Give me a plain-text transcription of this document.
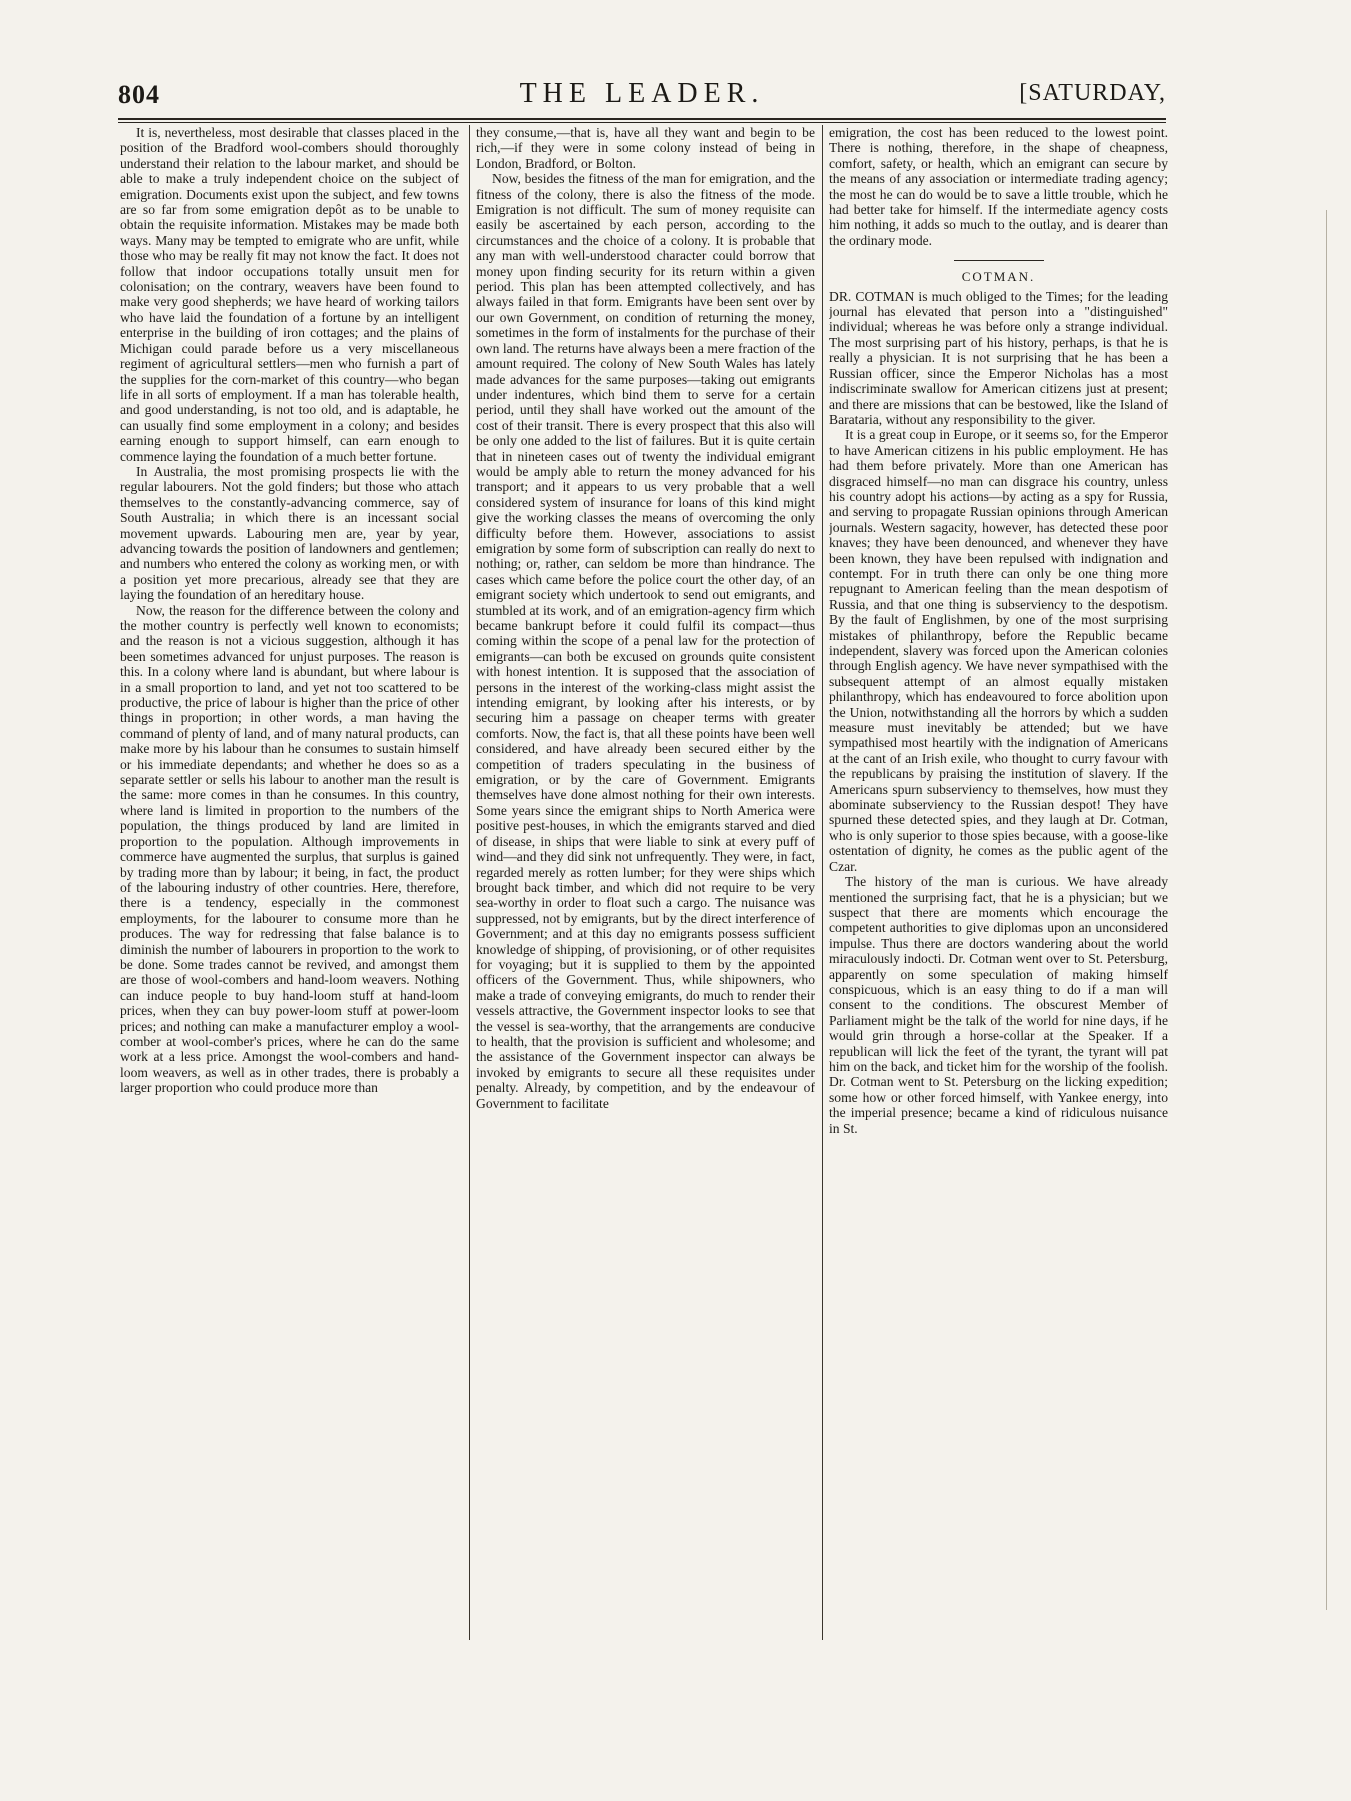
804	THE LEADER.	[SATURDAY,

It is, nevertheless, most desirable that classes placed in the position of the Bradford wool-combers should thoroughly understand their relation to the labour market, and should be able to make a truly independent choice on the subject of emigration. Documents exist upon the subject, and few towns are so far from some emigration depôt as to be unable to obtain the requisite information. Mistakes may be made both ways. Many may be tempted to emigrate who are unfit, while those who may be really fit may not know the fact. It does not follow that indoor occupations totally unsuit men for colonisation; on the contrary, weavers have been found to make very good shepherds; we have heard of working tailors who have laid the foundation of a fortune by an intelligent enterprise in the building of iron cottages; and the plains of Michigan could parade before us a very miscellaneous regiment of agricultural settlers—men who furnish a part of the supplies for the corn-market of this country—who began life in all sorts of employment. If a man has tolerable health, and good understanding, is not too old, and is adaptable, he can usually find some employment in a colony; and besides earning enough to support himself, can earn enough to commence laying the foundation of a much better fortune.

In Australia, the most promising prospects lie with the regular labourers. Not the gold finders; but those who attach themselves to the constantly-advancing commerce, say of South Australia; in which there is an incessant social movement upwards. Labouring men are, year by year, advancing towards the position of landowners and gentlemen; and numbers who entered the colony as working men, or with a position yet more precarious, already see that they are laying the foundation of an hereditary house.

Now, the reason for the difference between the colony and the mother country is perfectly well known to economists; and the reason is not a vicious suggestion, although it has been sometimes advanced for unjust purposes. The reason is this. In a colony where land is abundant, but where labour is in a small proportion to land, and yet not too scattered to be productive, the price of labour is higher than the price of other things in proportion; in other words, a man having the command of plenty of land, and of many natural products, can make more by his labour than he consumes to sustain himself or his immediate dependants; and whether he does so as a separate settler or sells his labour to another man the result is the same: more comes in than he consumes. In this country, where land is limited in proportion to the numbers of the population, the things produced by land are limited in proportion to the population. Although improvements in commerce have augmented the surplus, that surplus is gained by trading more than by labour; it being, in fact, the product of the labouring industry of other countries. Here, therefore, there is a tendency, especially in the commonest employments, for the labourer to consume more than he produces. The way for redressing that false balance is to diminish the number of labourers in proportion to the work to be done. Some trades cannot be revived, and amongst them are those of wool-combers and hand-loom weavers. Nothing can induce people to buy hand-loom stuff at hand-loom prices, when they can buy power-loom stuff at power-loom prices; and nothing can make a manufacturer employ a wool-comber at wool-comber's prices, where he can do the same work at a less price. Amongst the wool-combers and hand-loom weavers, as well as in other trades, there is probably a larger proportion who could produce more than

they consume,—that is, have all they want and begin to be rich,—if they were in some colony instead of being in London, Bradford, or Bolton.

Now, besides the fitness of the man for emigration, and the fitness of the colony, there is also the fitness of the mode. Emigration is not difficult. The sum of money requisite can easily be ascertained by each person, according to the circumstances and the choice of a colony. It is probable that any man with well-understood character could borrow that money upon finding security for its return within a given period. This plan has been attempted collectively, and has always failed in that form. Emigrants have been sent over by our own Government, on condition of returning the money, sometimes in the form of instalments for the purchase of their own land. The returns have always been a mere fraction of the amount required. The colony of New South Wales has lately made advances for the same purposes—taking out emigrants under indentures, which bind them to serve for a certain period, until they shall have worked out the amount of the cost of their transit. There is every prospect that this also will be only one added to the list of failures. But it is quite certain that in nineteen cases out of twenty the individual emigrant would be amply able to return the money advanced for his transport; and it appears to us very probable that a well considered system of insurance for loans of this kind might give the working classes the means of overcoming the only difficulty before them. However, associations to assist emigration by some form of subscription can really do next to nothing; or, rather, can seldom be more than hindrance. The cases which came before the police court the other day, of an emigrant society which undertook to send out emigrants, and stumbled at its work, and of an emigration-agency firm which became bankrupt before it could fulfil its compact—thus coming within the scope of a penal law for the protection of emigrants—can both be excused on grounds quite consistent with honest intention. It is supposed that the association of persons in the interest of the working-class might assist the intending emigrant, by looking after his interests, or by securing him a passage on cheaper terms with greater comforts. Now, the fact is, that all these points have been well considered, and have already been secured either by the competition of traders speculating in the business of emigration, or by the care of Government. Emigrants themselves have done almost nothing for their own interests. Some years since the emigrant ships to North America were positive pest-houses, in which the emigrants starved and died of disease, in ships that were liable to sink at every puff of wind—and they did sink not unfrequently. They were, in fact, regarded merely as rotten lumber; for they were ships which brought back timber, and which did not require to be very sea-worthy in order to float such a cargo. The nuisance was suppressed, not by emigrants, but by the direct interference of Government; and at this day no emigrants possess sufficient knowledge of shipping, of provisioning, or of other requisites for voyaging; but it is supplied to them by the appointed officers of the Government. Thus, while shipowners, who make a trade of conveying emigrants, do much to render their vessels attractive, the Government inspector looks to see that the vessel is sea-worthy, that the arrangements are conducive to health, that the provision is sufficient and wholesome; and the assistance of the Government inspector can always be invoked by emigrants to secure all these requisites under penalty. Already, by competition, and by the endeavour of Government to facilitate

emigration, the cost has been reduced to the lowest point. There is nothing, therefore, in the shape of cheapness, comfort, safety, or health, which an emigrant can secure by the means of any association or intermediate trading agency; the most he can do would be to save a little trouble, which he had better take for himself. If the intermediate agency costs him nothing, it adds so much to the outlay, and is dearer than the ordinary mode.

COTMAN.

DR. COTMAN is much obliged to the Times; for the leading journal has elevated that person into a "distinguished" individual; whereas he was before only a strange individual. The most surprising part of his history, perhaps, is that he is really a physician. It is not surprising that he has been a Russian officer, since the Emperor Nicholas has a most indiscriminate swallow for American citizens just at present; and there are missions that can be bestowed, like the Island of Barataria, without any responsibility to the giver.

It is a great coup in Europe, or it seems so, for the Emperor to have American citizens in his public employment. He has had them before privately. More than one American has disgraced himself—no man can disgrace his country, unless his country adopt his actions—by acting as a spy for Russia, and serving to propagate Russian opinions through American journals. Western sagacity, however, has detected these poor knaves; they have been denounced, and whenever they have been known, they have been repulsed with indignation and contempt. For in truth there can only be one thing more repugnant to American feeling than the mean despotism of Russia, and that one thing is subserviency to the despotism. By the fault of Englishmen, by one of the most surprising mistakes of philanthropy, before the Republic became independent, slavery was forced upon the American colonies through English agency. We have never sympathised with the subsequent attempt of an almost equally mistaken philanthropy, which has endeavoured to force abolition upon the Union, notwithstanding all the horrors by which a sudden measure must inevitably be attended; but we have sympathised most heartily with the indignation of Americans at the cant of an Irish exile, who thought to curry favour with the republicans by praising the institution of slavery. If the Americans spurn subserviency to themselves, how must they abominate subserviency to the Russian despot! They have spurned these detected spies, and they laugh at Dr. Cotman, who is only superior to those spies because, with a goose-like ostentation of dignity, he comes as the public agent of the Czar.

The history of the man is curious. We have already mentioned the surprising fact, that he is a physician; but we suspect that there are moments which encourage the competent authorities to give diplomas upon an unconsidered impulse. Thus there are doctors wandering about the world miraculously indocti. Dr. Cotman went over to St. Petersburg, apparently on some speculation of making himself conspicuous, which is an easy thing to do if a man will consent to the conditions. The obscurest Member of Parliament might be the talk of the world for nine days, if he would grin through a horse-collar at the Speaker. If a republican will lick the feet of the tyrant, the tyrant will pat him on the back, and ticket him for the worship of the foolish. Dr. Cotman went to St. Petersburg on the licking expedition; some how or other forced himself, with Yankee energy, into the imperial presence; became a kind of ridiculous nuisance in St.
